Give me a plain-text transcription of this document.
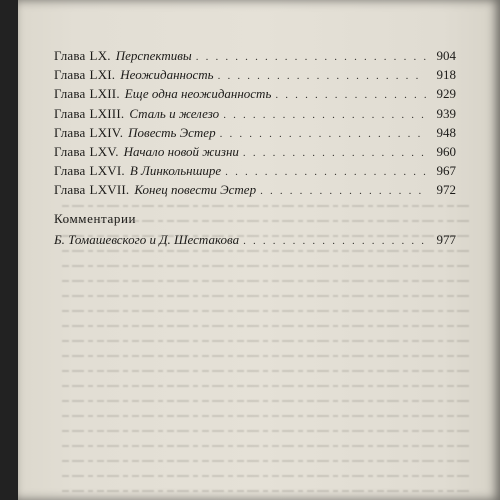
Глава LX. Перспективы . . .	904
Глава LXI. Неожиданность . . .	918
Глава LXII. Еще одна неожиданность . . .	929
Глава LXIII. Сталь и железо . . .	939
Глава LXIV. Повесть Эстер . . .	948
Глава LXV. Начало новой жизни . . .	960
Глава LXVI. В Линкольншире . . .	967
Глава LXVII. Конец повести Эстер . . .	972
Комментарии
Б. Томашевского и Д. Шестакова . . .	977
